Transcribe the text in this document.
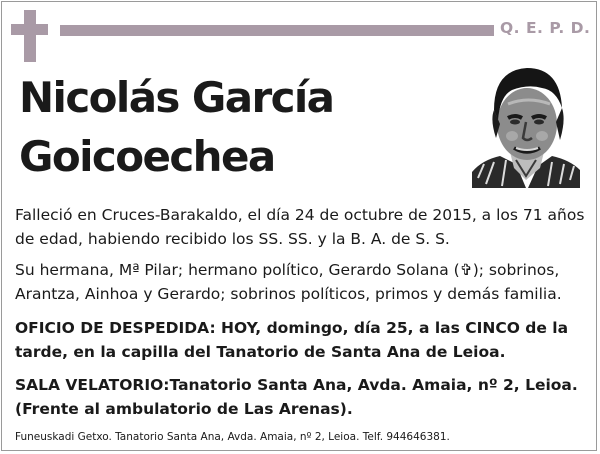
Q. E. P. D.
Nicolás García
Goicoechea
Falleció en Cruces-Barakaldo, el día 24 de octubre de 2015, a los 71 años
de edad, habiendo recibido los SS. SS. y la B. A. de S. S.
Su hermana, Mª Pilar; hermano político, Gerardo Solana (✞); sobrinos,
Arantza, Ainhoa y Gerardo; sobrinos políticos, primos y demás familia.
OFICIO DE DESPEDIDA: HOY, domingo, día 25, a las CINCO de la
tarde, en la capilla del Tanatorio de Santa Ana de Leioa.
SALA VELATORIO:Tanatorio Santa Ana, Avda. Amaia, nº 2, Leioa.
(Frente al ambulatorio de Las Arenas).
Funeuskadi Getxo. Tanatorio Santa Ana, Avda. Amaia, nº 2, Leioa. Telf. 944646381.
